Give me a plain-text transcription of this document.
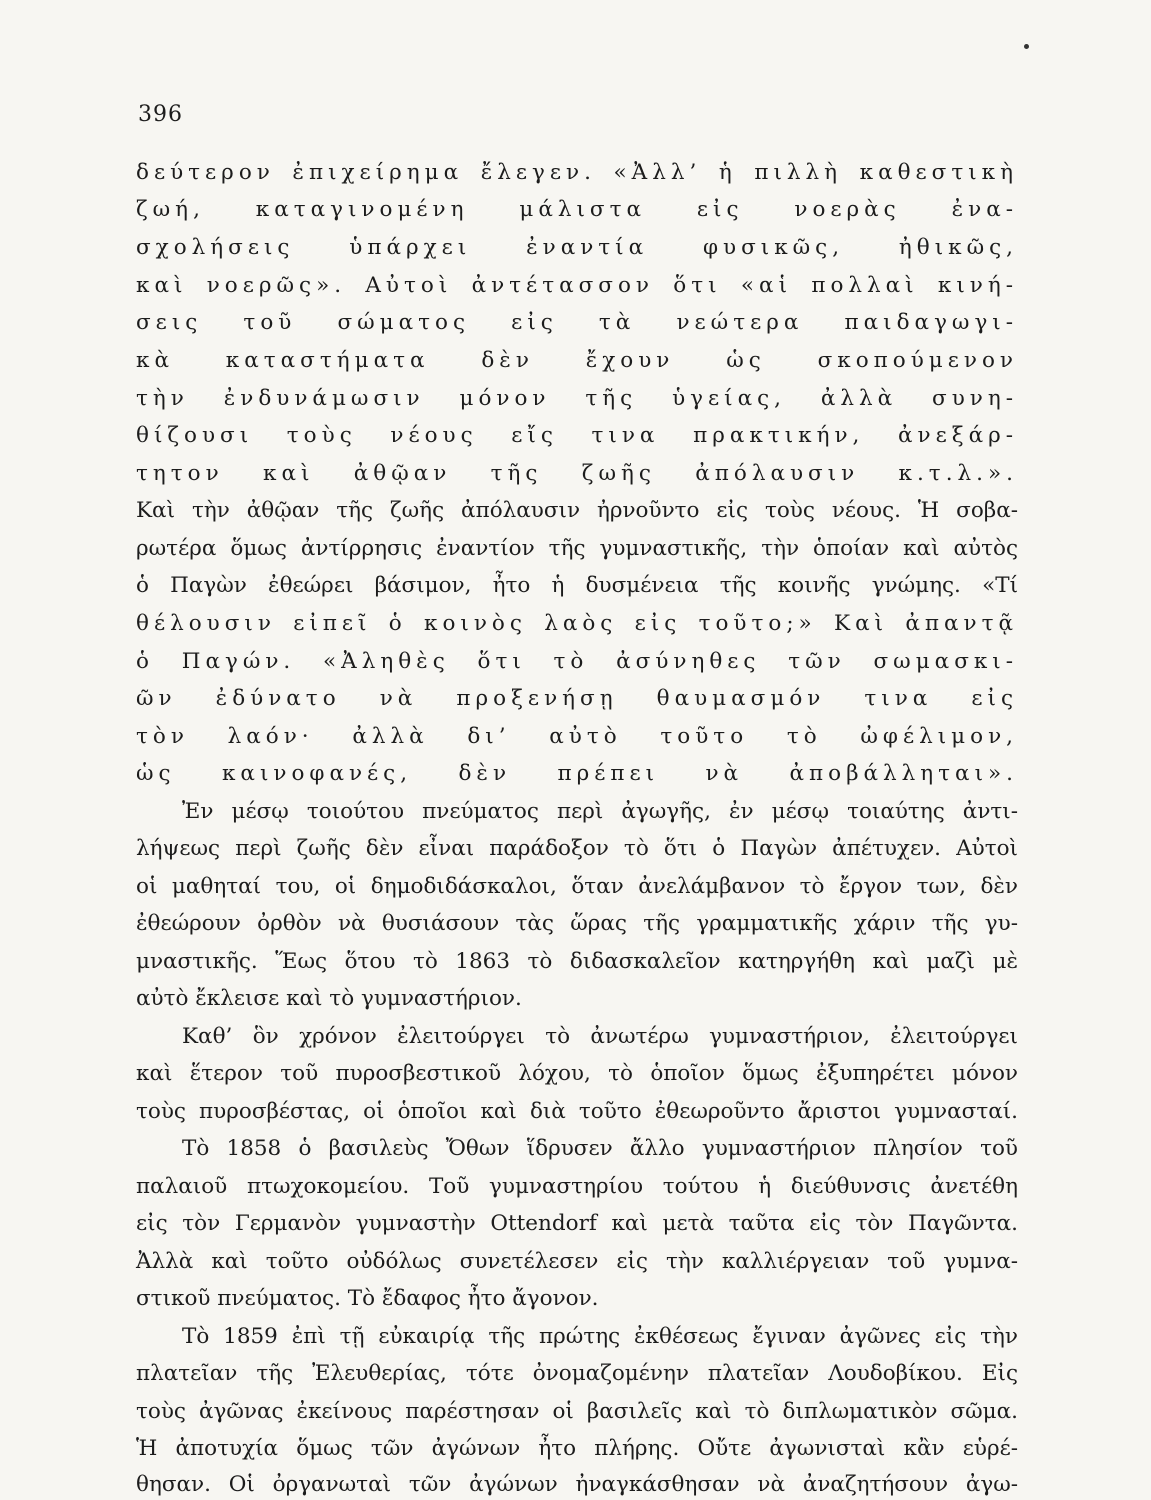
396
δεύτερον ἐπιχείρημα ἔλεγεν. «Ἀλλ’ ἡ πιλλὴ καθεστικὴ
ζωή, καταγινομένη μάλιστα εἰς νοερὰς ἐνα-
σχολήσεις ὑπάρχει ἐναντία φυσικῶς, ἠθικῶς,
καὶ νοερῶς». Αὐτοὶ ἀντέτασσον ὅτι «αἱ πολλαὶ κινή-
σεις τοῦ σώματος εἰς τὰ νεώτερα παιδαγωγι-
κὰ καταστήματα δὲν ἔχουν ὡς σκοπούμενον
τὴν ἐνδυνάμωσιν μόνον τῆς ὑγείας, ἀλλὰ συνη-
θίζουσι τοὺς νέους εἴς τινα πρακτικήν, ἀνεξάρ-
τητον καὶ ἀθῷαν τῆς ζωῆς ἀπόλαυσιν κ.τ.λ.».
Καὶ τὴν ἀθῷαν τῆς ζωῆς ἀπόλαυσιν ἠρνοῦντο εἰς τοὺς νέους. Ἡ σοβα-
ρωτέρα ὅμως ἀντίρρησις ἐναντίον τῆς γυμναστικῆς, τὴν ὁποίαν καὶ αὐτὸς
ὁ Παγὼν ἐθεώρει βάσιμον, ἦτο ἡ δυσμένεια τῆς κοινῆς γνώμης. «Τί
θέλουσιν εἰπεῖ ὁ κοινὸς λαὸς εἰς τοῦτο;» Καὶ ἀπαντᾷ
ὁ Παγών. «Ἀληθὲς ὅτι τὸ ἀσύνηθες τῶν σωμασκι-
ῶν ἐδύνατο νὰ προξενήσῃ θαυμασμόν τινα εἰς
τὸν λαόν· ἀλλὰ δι’ αὐτὸ τοῦτο τὸ ὠφέλιμον,
ὡς καινοφανές, δὲν πρέπει νὰ ἀποβάλληται».
Ἐν μέσῳ τοιούτου πνεύματος περὶ ἀγωγῆς, ἐν μέσῳ τοιαύτης ἀντι-
λήψεως περὶ ζωῆς δὲν εἶναι παράδοξον τὸ ὅτι ὁ Παγὼν ἀπέτυχεν. Αὐτοὶ
οἱ μαθηταί του, οἱ δημοδιδάσκαλοι, ὅταν ἀνελάμβανον τὸ ἔργον των, δὲν
ἐθεώρουν ὀρθὸν νὰ θυσιάσουν τὰς ὥρας τῆς γραμματικῆς χάριν τῆς γυ-
μναστικῆς. Ἕως ὅτου τὸ 1863 τὸ διδασκαλεῖον κατηργήθη καὶ μαζὶ μὲ
αὐτὸ ἔκλεισε καὶ τὸ γυμναστήριον.
Καθ’ ὃν χρόνον ἐλειτούργει τὸ ἀνωτέρω γυμναστήριον, ἐλειτούργει
καὶ ἕτερον τοῦ πυροσβεστικοῦ λόχου, τὸ ὁποῖον ὅμως ἐξυπηρέτει μόνον
τοὺς πυροσβέστας, οἱ ὁποῖοι καὶ διὰ τοῦτο ἐθεωροῦντο ἄριστοι γυμνασταί.
Τὸ 1858 ὁ βασιλεὺς Ὄθων ἵδρυσεν ἄλλο γυμναστήριον πλησίον τοῦ
παλαιοῦ πτωχοκομείου. Τοῦ γυμναστηρίου τούτου ἡ διεύθυνσις ἀνετέθη
εἰς τὸν Γερμανὸν γυμναστὴν Ottendorf καὶ μετὰ ταῦτα εἰς τὸν Παγῶντα.
Ἀλλὰ καὶ τοῦτο οὐδόλως συνετέλεσεν εἰς τὴν καλλιέργειαν τοῦ γυμνα-
στικοῦ πνεύματος. Τὸ ἔδαφος ἦτο ἄγονον.
Τὸ 1859 ἐπὶ τῇ εὐκαιρίᾳ τῆς πρώτης ἐκθέσεως ἔγιναν ἀγῶνες εἰς τὴν
πλατεῖαν τῆς Ἐλευθερίας, τότε ὀνομαζομένην πλατεῖαν Λουδοβίκου. Εἰς
τοὺς ἀγῶνας ἐκείνους παρέστησαν οἱ βασιλεῖς καὶ τὸ διπλωματικὸν σῶμα.
Ἡ ἀποτυχία ὅμως τῶν ἀγώνων ἦτο πλήρης. Οὔτε ἀγωνισταὶ κἂν εὑρέ-
θησαν. Οἱ ὀργανωταὶ τῶν ἀγώνων ἠναγκάσθησαν νὰ ἀναζητήσουν ἀγω-
